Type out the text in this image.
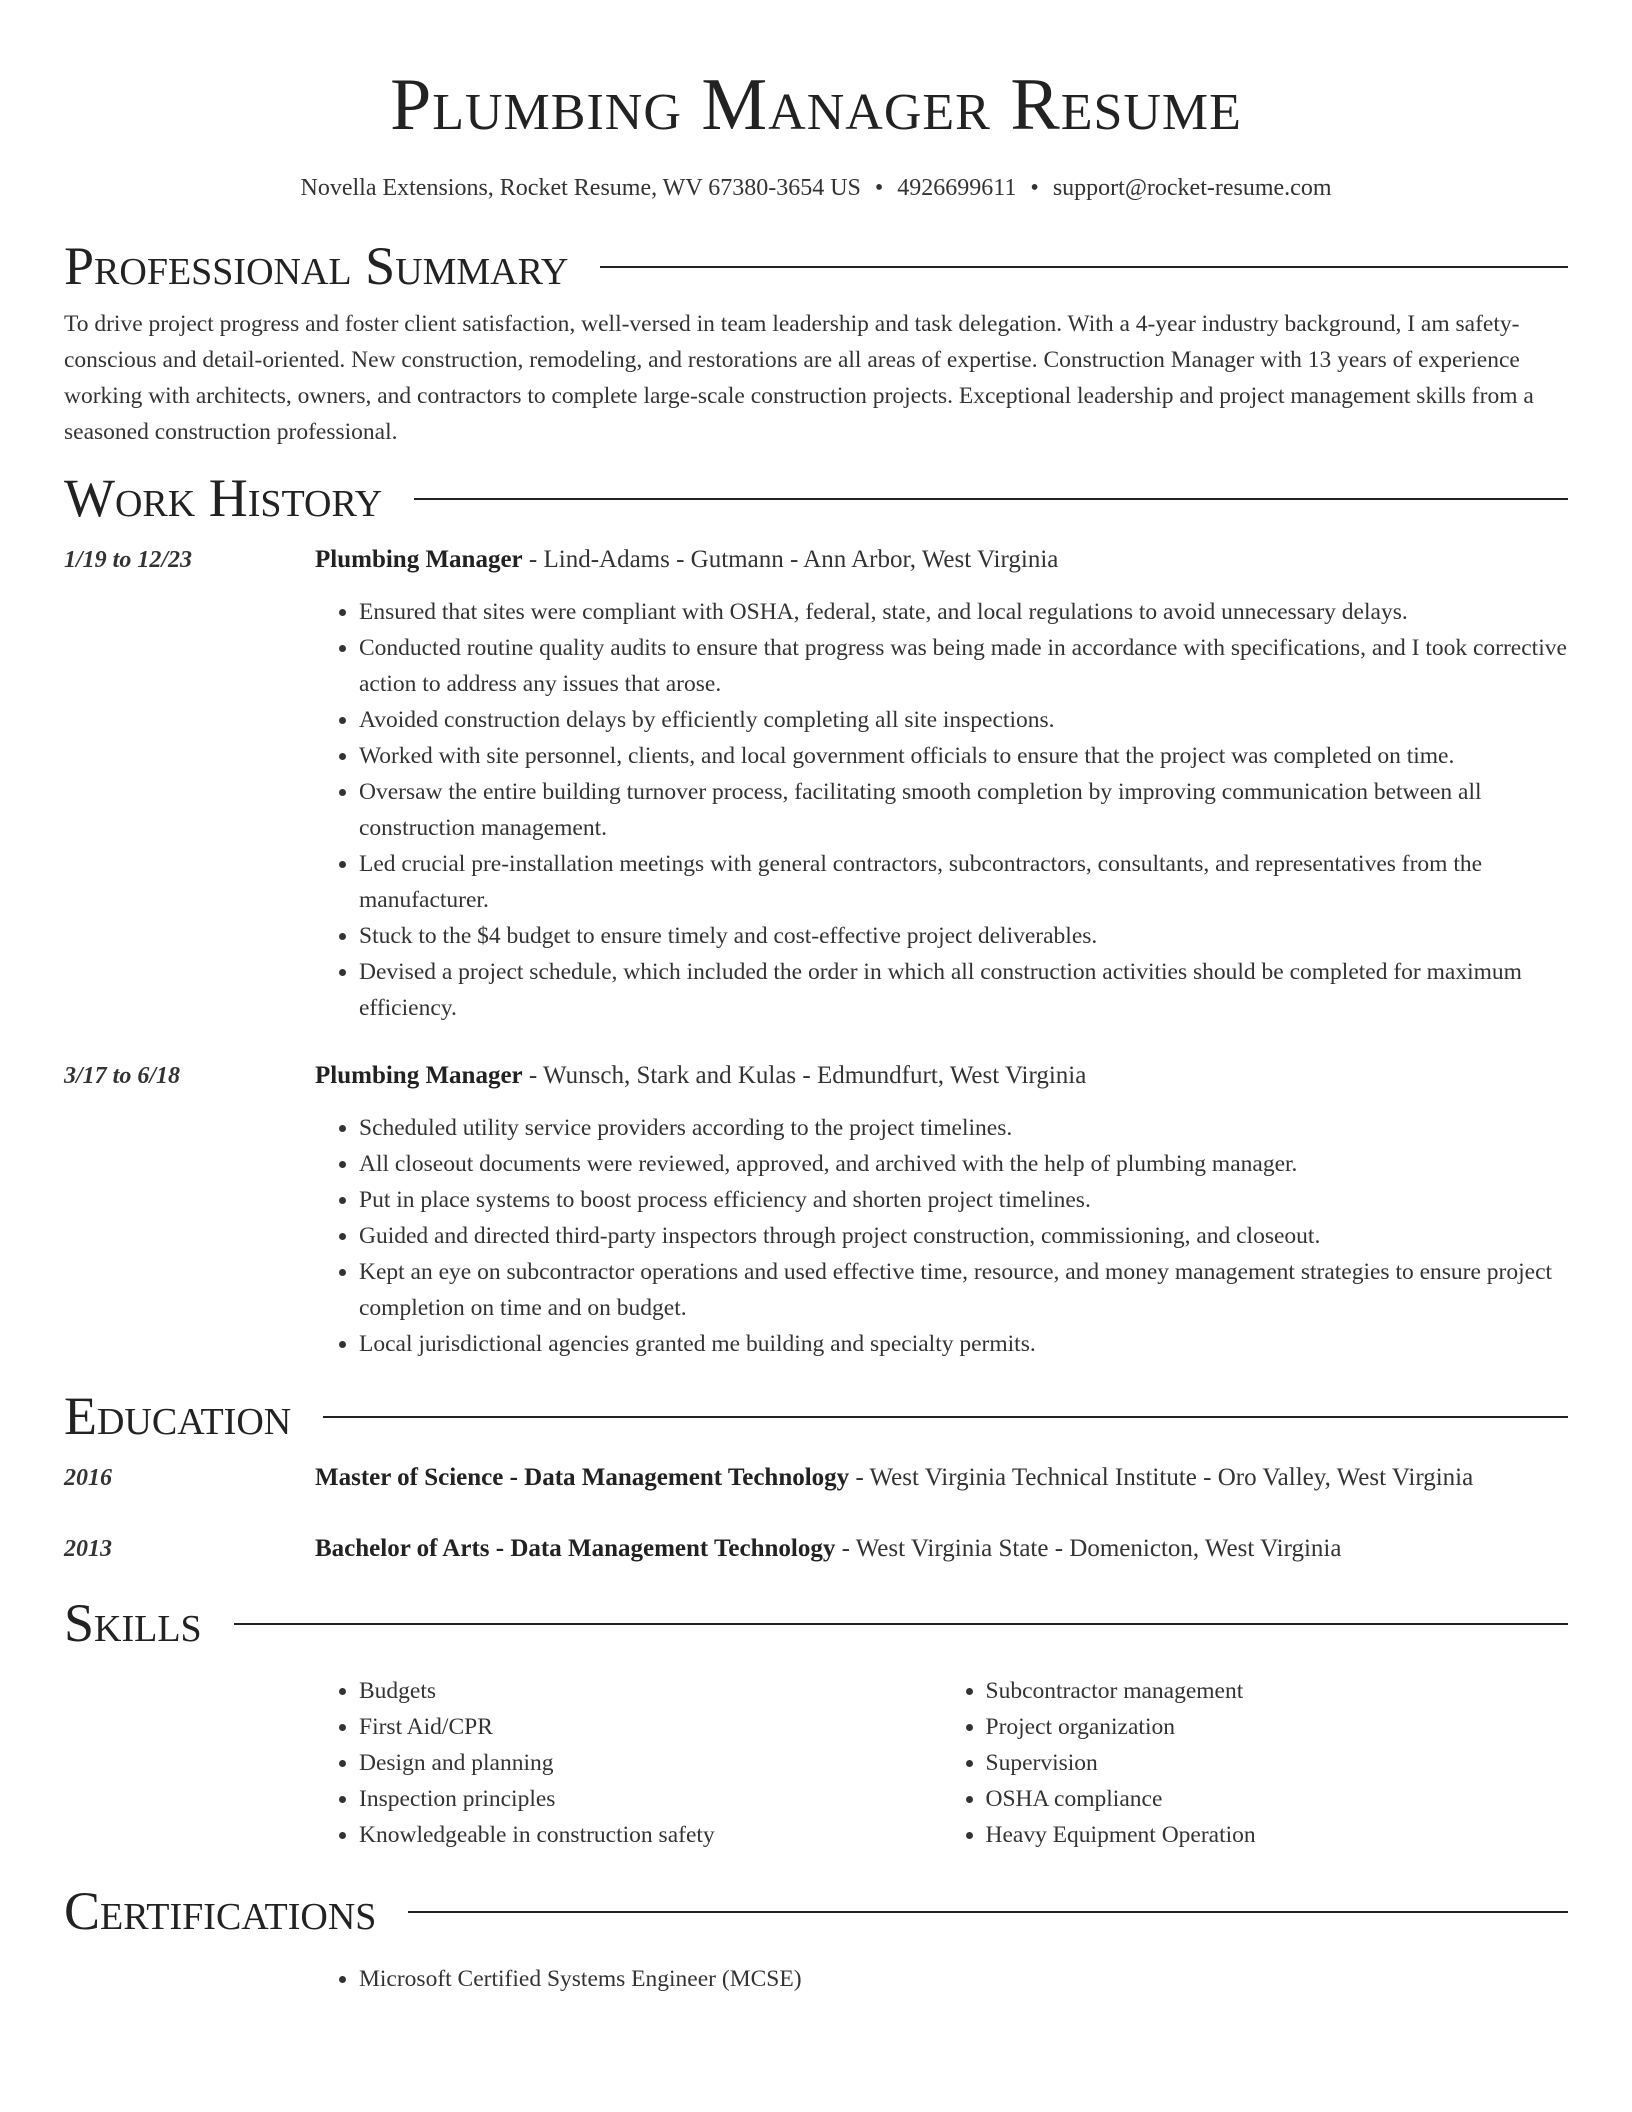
Plumbing Manager Resume
Novella Extensions, Rocket Resume, WV 67380-3654 US • 4926699611 • support@rocket-resume.com
Professional Summary

To drive project progress and foster client satisfaction, well-versed in team leadership and task delegation. With a 4-year industry background, I am safety-conscious and detail-oriented. New construction, remodeling, and restorations are all areas of expertise. Construction Manager with 13 years of experience working with architects, owners, and contractors to complete large-scale construction projects. Exceptional leadership and project management skills from a seasoned construction professional.

Work History
1/19 to 12/23	Plumbing Manager - Lind-Adams - Gutmann - Ann Arbor, West Virginia
• Ensured that sites were compliant with OSHA, federal, state, and local regulations to avoid unnecessary delays.
• Conducted routine quality audits to ensure that progress was being made in accordance with specifications, and I took corrective action to address any issues that arose.
• Avoided construction delays by efficiently completing all site inspections.
• Worked with site personnel, clients, and local government officials to ensure that the project was completed on time.
• Oversaw the entire building turnover process, facilitating smooth completion by improving communication between all construction management.
• Led crucial pre-installation meetings with general contractors, subcontractors, consultants, and representatives from the manufacturer.
• Stuck to the $4 budget to ensure timely and cost-effective project deliverables.
• Devised a project schedule, which included the order in which all construction activities should be completed for maximum efficiency.
3/17 to 6/18	Plumbing Manager - Wunsch, Stark and Kulas - Edmundfurt, West Virginia
• Scheduled utility service providers according to the project timelines.
• All closeout documents were reviewed, approved, and archived with the help of plumbing manager.
• Put in place systems to boost process efficiency and shorten project timelines.
• Guided and directed third-party inspectors through project construction, commissioning, and closeout.
• Kept an eye on subcontractor operations and used effective time, resource, and money management strategies to ensure project completion on time and on budget.
• Local jurisdictional agencies granted me building and specialty permits.
Education
2016	Master of Science - Data Management Technology - West Virginia Technical Institute - Oro Valley, West Virginia
2013	Bachelor of Arts - Data Management Technology - West Virginia State - Domenicton, West Virginia
Skills
• Budgets
• First Aid/CPR
• Design and planning
• Inspection principles
• Knowledgeable in construction safety
• Subcontractor management
• Project organization
• Supervision
• OSHA compliance
• Heavy Equipment Operation
Certifications
• Microsoft Certified Systems Engineer (MCSE)
